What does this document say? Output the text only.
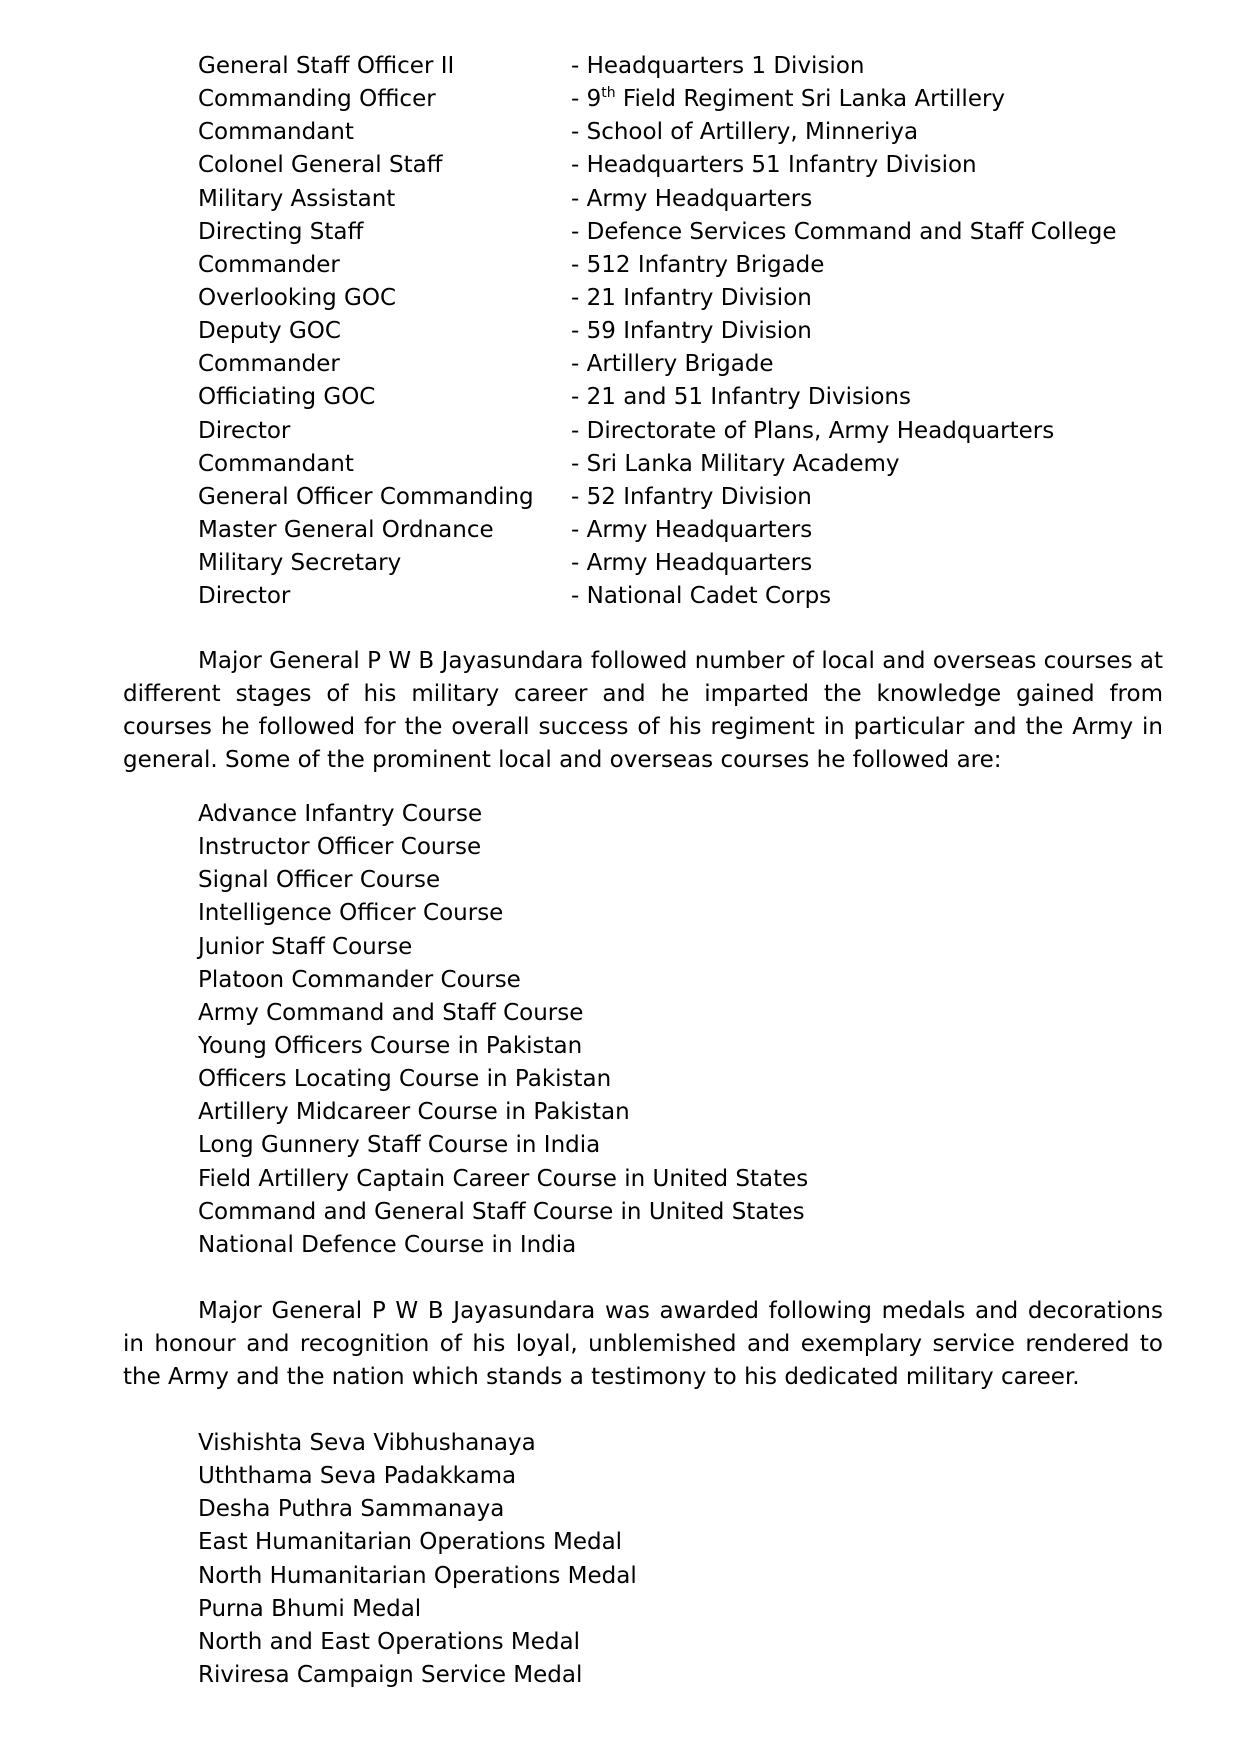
General Staff Officer II	- Headquarters 1 Division
Commanding Officer	- 9th Field Regiment Sri Lanka Artillery
Commandant	- School of Artillery, Minneriya
Colonel General Staff	- Headquarters 51 Infantry Division
Military Assistant	- Army Headquarters
Directing Staff	- Defence Services Command and Staff College
Commander	- 512 Infantry Brigade
Overlooking GOC	- 21 Infantry Division
Deputy GOC	- 59 Infantry Division
Commander	- Artillery Brigade
Officiating GOC	- 21 and 51 Infantry Divisions
Director	- Directorate of Plans, Army Headquarters
Commandant	- Sri Lanka Military Academy
General Officer Commanding	- 52 Infantry Division
Master General Ordnance	- Army Headquarters
Military Secretary	- Army Headquarters
Director	- National Cadet Corps

Major General P W B Jayasundara followed number of local and overseas courses at different stages of his military career and he imparted the knowledge gained from courses he followed for the overall success of his regiment in particular and the Army in general. Some of the prominent local and overseas courses he followed are:

Advance Infantry Course
Instructor Officer Course
Signal Officer Course
Intelligence Officer Course
Junior Staff Course
Platoon Commander Course
Army Command and Staff Course
Young Officers Course in Pakistan
Officers Locating Course in Pakistan
Artillery Midcareer Course in Pakistan
Long Gunnery Staff Course in India
Field Artillery Captain Career Course in United States
Command and General Staff Course in United States
National Defence Course in India

Major General P W B Jayasundara was awarded following medals and decorations in honour and recognition of his loyal, unblemished and exemplary service rendered to the Army and the nation which stands a testimony to his dedicated military career.

Vishishta Seva Vibhushanaya
Uththama Seva Padakkama
Desha Puthra Sammanaya
East Humanitarian Operations Medal
North Humanitarian Operations Medal
Purna Bhumi Medal
North and East Operations Medal
Riviresa Campaign Service Medal
